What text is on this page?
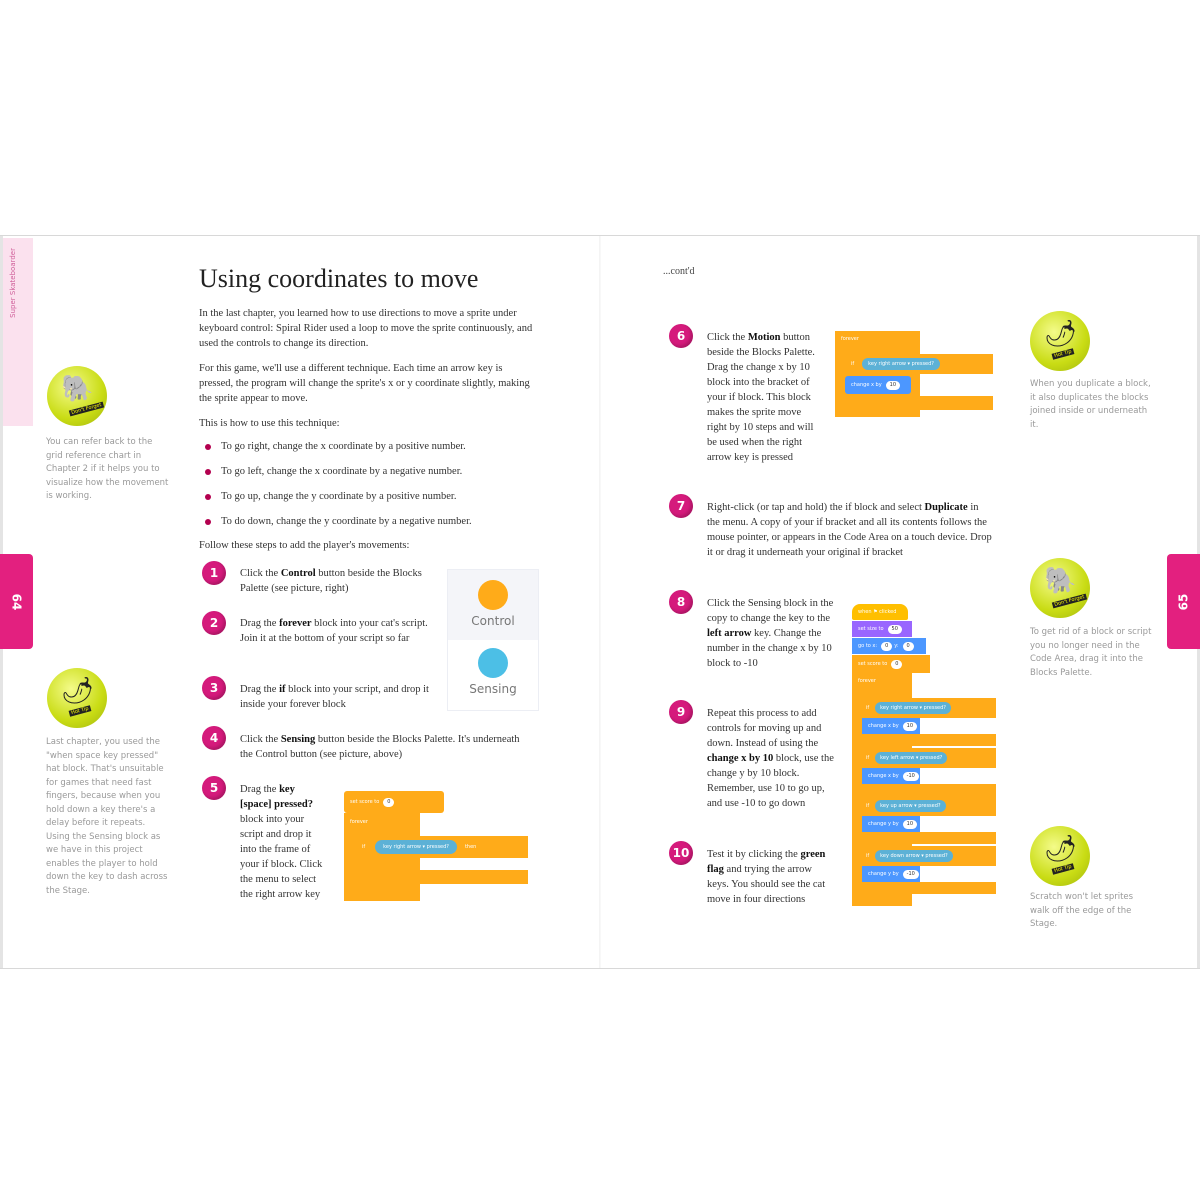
Super Skateboarder
64	65
Using coordinates to move
In the last chapter, you learned how to use directions to move a sprite under keyboard control: Spiral Rider used a loop to move the sprite continuously, and used the controls to change its direction.
For this game, we'll use a different technique. Each time an arrow key is pressed, the program will change the sprite's x or y coordinate slightly, making the sprite appear to move.
This is how to use this technique:
To go right, change the x coordinate by a positive number.
To go left, change the x coordinate by a negative number.
To go up, change the y coordinate by a positive number.
To do down, change the y coordinate by a negative number.
Follow these steps to add the player's movements:
1	Click the Control button beside the Blocks Palette (see picture, right)
2	Drag the forever block into your cat's script. Join it at the bottom of your script so far
3	Drag the if block into your script, and drop it inside your forever block
4	Click the Sensing button beside the Blocks Palette. It's underneath the Control button (see picture, above)
5	Drag the key [space] pressed? block into your script and drop it into the frame of your if block. Click the menu to select the right arrow key
Control
Sensing
set score to	0
forever
if	key right arrow ▾ pressed?	then
🐘
Don't Forget
You can refer back to the grid reference chart in Chapter 2 if it helps you to visualize how the movement is working.
🌶
Hot Tip
Last chapter, you used the "when space key pressed" hat block. That's unsuitable for games that need fast fingers, because when you hold down a key there's a delay before it repeats. Using the Sensing block as we have in this project enables the player to hold down the key to dash across the Stage.
...cont'd
6	Click the Motion button beside the Blocks Palette. Drag the change x by 10 block into the bracket of your if block. This block makes the sprite move right by 10 steps and will be used when the right arrow key is pressed
forever
if	key right arrow ▾ pressed?
change x by	10
7	Right-click (or tap and hold) the if block and select Duplicate in the menu. A copy of your if bracket and all its contents follows the mouse pointer, or appears in the Code Area on a touch device. Drop it or drag it underneath your original if bracket
8	Click the Sensing block in the copy to change the key to the left arrow key. Change the number in the change x by 10 block to -10
9	Repeat this process to add controls for moving up and down. Instead of using the change x by 10 block, use the change y by 10 block. Remember, use 10 to go up, and use -10 to go down
10	Test it by clicking the green flag and trying the arrow keys. You should see the cat move in four directions
when ⚑ clicked
set size to	50
go to x:	0	y:	0
set score to	0
forever
if	key right arrow ▾ pressed?
change x by	10
if	key left arrow ▾ pressed?
change x by	-10
if	key up arrow ▾ pressed?
change y by	10
if	key down arrow ▾ pressed?
change y by	-10
🌶
Hot Tip
When you duplicate a block, it also duplicates the blocks joined inside or underneath it.
🐘
Don't Forget
To get rid of a block or script you no longer need in the Code Area, drag it into the Blocks Palette.
🌶
Hot Tip
Scratch won't let sprites walk off the edge of the Stage.
